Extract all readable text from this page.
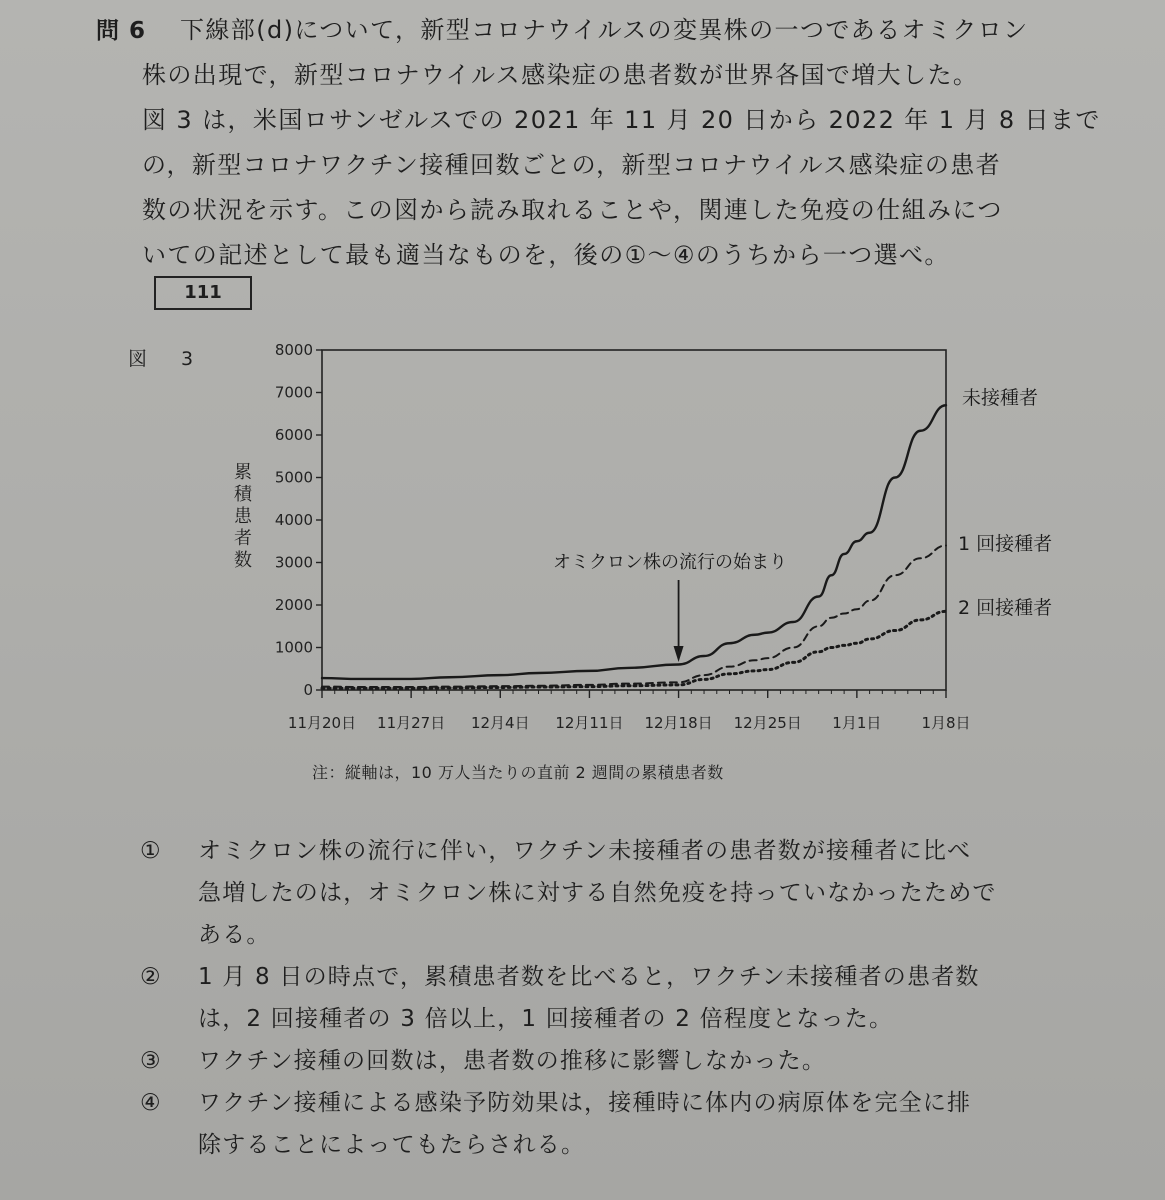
問 6	下線部(d)について，新型コロナウイルスの変異株の一つであるオミクロン
株の出現で，新型コロナウイルス感染症の患者数が世界各国で増大した。
図 3 は，米国ロサンゼルスでの 2021 年 11 月 20 日から 2022 年 1 月 8 日まで
の，新型コロナワクチン接種回数ごとの，新型コロナウイルス感染症の患者
数の状況を示す。この図から読み取れることや，関連した免疫の仕組みにつ
いての記述として最も適当なものを，後の①～④のうちから一つ選べ。
111
図 3
累積患者数
0
1000
2000
3000
4000
5000
6000
7000
8000
11月20日 11月27日 12月4日 12月11日 12月18日 12月25日 1月1日	1月8日
未接種者
1 回接種者
2 回接種者
オミクロン株の流行の始まり
注：縦軸は，10 万人当たりの直前 2 週間の累積患者数
① オミクロン株の流行に伴い，ワクチン未接種者の患者数が接種者に比べ
急増したのは，オミクロン株に対する自然免疫を持っていなかったためで
ある。
② 1 月 8 日の時点で，累積患者数を比べると，ワクチン未接種者の患者数
は，2 回接種者の 3 倍以上，1 回接種者の 2 倍程度となった。
③ ワクチン接種の回数は，患者数の推移に影響しなかった。
④ ワクチン接種による感染予防効果は，接種時に体内の病原体を完全に排
除することによってもたらされる。
